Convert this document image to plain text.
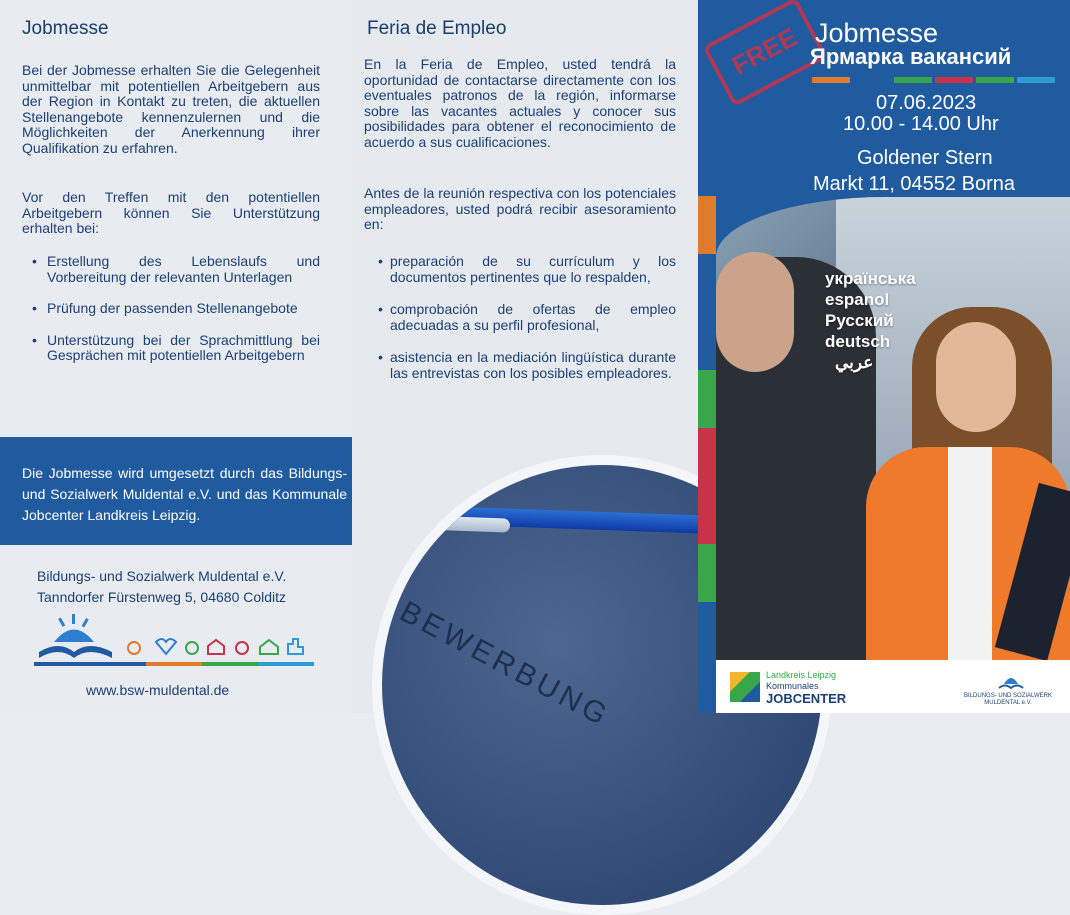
Jobmesse

Bei der Jobmesse erhalten Sie die Gelegenheit unmittelbar mit potentiellen Arbeitgebern aus der Region in Kontakt zu treten, die aktuellen Stellenangebote kennenzulernen und die Möglichkeiten der Anerkennung ihrer Qualifikation zu erfahren.

Vor den Treffen mit den potentiellen Arbeitgebern können Sie Unterstützung erhalten bei:

• Erstellung des Lebenslaufs und Vorbereitung der relevanten Unterlagen
• Prüfung der passenden Stellenangebote
• Unterstützung bei der Sprachmittlung bei Gesprächen mit potentiellen Arbeitgebern

Die Jobmesse wird umgesetzt durch das Bildungs- und Sozialwerk Muldental e.V. und das Kommunale Jobcenter Landkreis Leipzig.

Bildungs- und Sozialwerk Muldental e.V.
Tanndorfer Fürstenweg 5, 04680 Colditz
www.bsw-muldental.de
Feria de Empleo

En la Feria de Empleo, usted tendrá la oportunidad de contactarse directamente con los eventuales patronos de la región, informarse sobre las vacantes actuales y conocer sus posibilidades para obtener el reconocimiento de acuerdo a sus cualificaciones.

Antes de la reunión respectiva con los potenciales empleadores, usted podrá recibir asesoramiento en:

• preparación de su currículum y los documentos pertinentes que lo respalden,
• comprobación de ofertas de empleo adecuadas a su perfil profesional,
• asistencia en la mediación lingüística durante las entrevistas con los posibles empleadores.
BEWERBUNG
FREE Jobmesse
Ярмарка вакансий
07.06.2023
10.00 - 14.00 Uhr
Goldener Stern
Markt 11, 04552 Borna
українська
espanol
Русский
deutsch
عربي
Landkreis Leipzig
Kommunales
JOBCENTER	BILDUNGS- UND SOZIALWERK MULDENTAL e.V.
